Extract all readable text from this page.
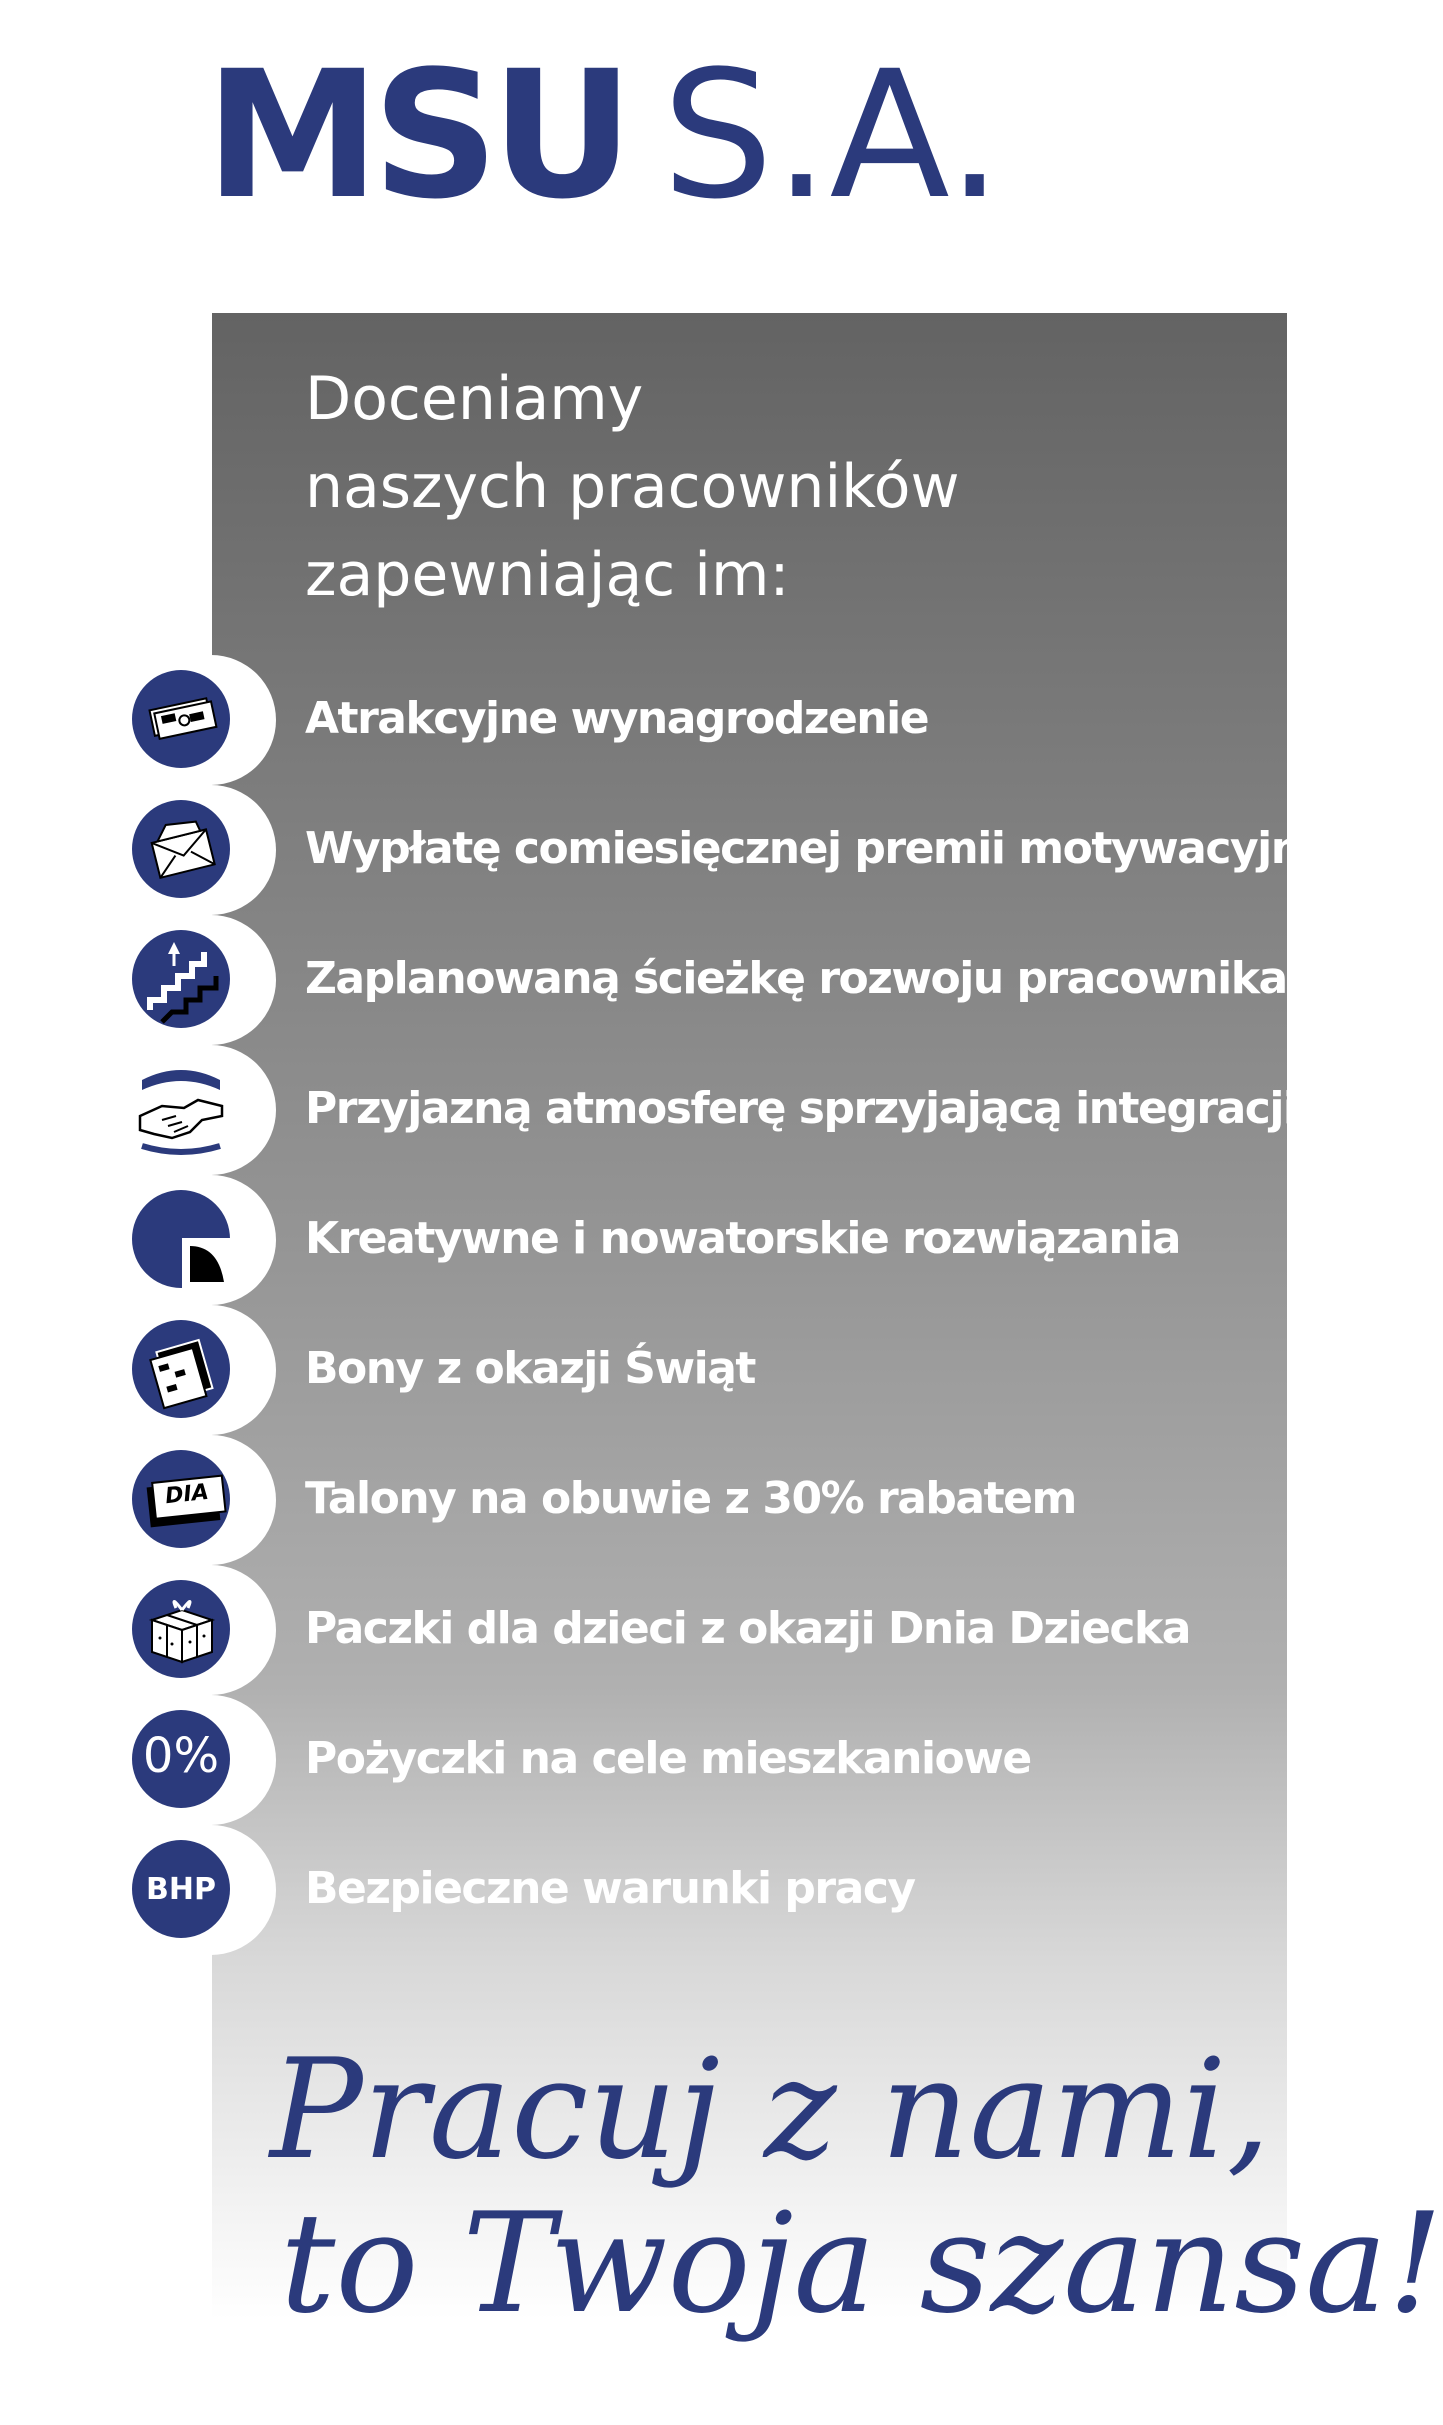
MSU S.A.
Doceniamy
naszych pracowników
zapewniając im:
Atrakcyjne wynagrodzenie
Wypłatę comiesięcznej premii motywacyjnej
Zaplanowaną ścieżkę rozwoju pracownika
Przyjazną atmosferę sprzyjającą integracji
Kreatywne i nowatorskie rozwiązania
Bony z okazji Świąt
DIA Talony na obuwie z 30% rabatem
Paczki dla dzieci z okazji Dnia Dziecka
0% Pożyczki na cele mieszkaniowe
BHP	Bezpieczne warunki pracy
Pracuj z nami,
to Twoja szansa!
